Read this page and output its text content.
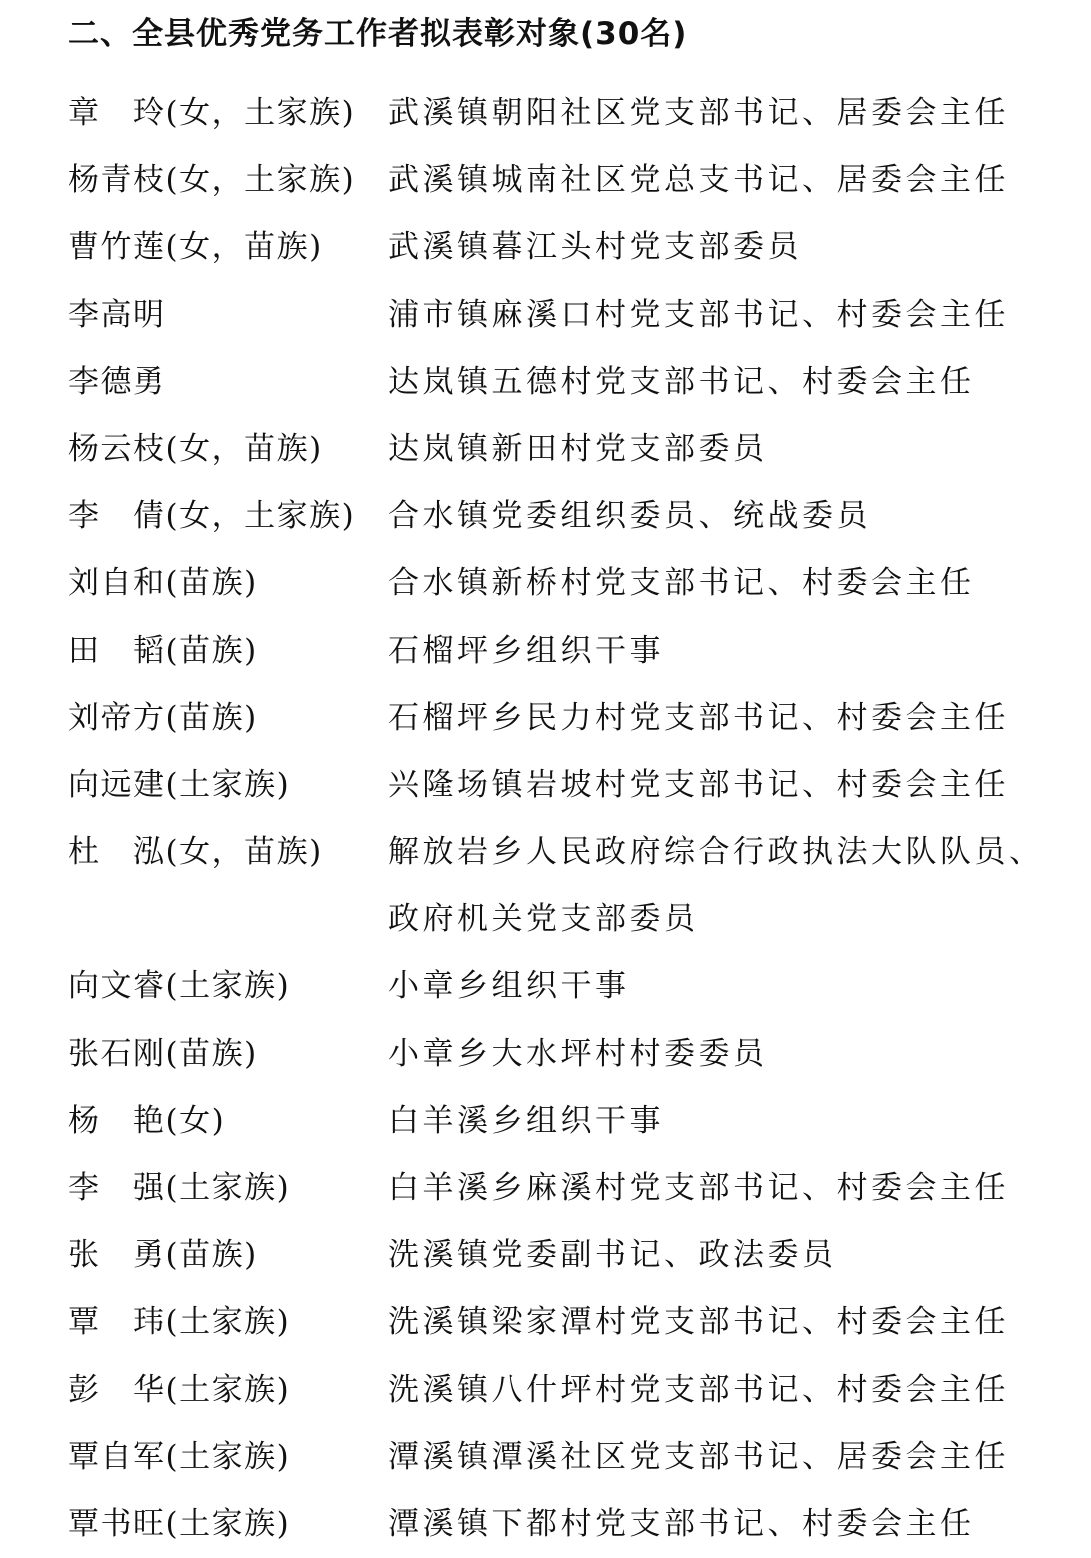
二、全县优秀党务工作者拟表彰对象(30名)
章　玲(女，土家族)	武溪镇朝阳社区党支部书记、居委会主任
杨青枝(女，土家族)	武溪镇城南社区党总支书记、居委会主任
曹竹莲(女，苗族)	武溪镇暮江头村党支部委员
李高明	浦市镇麻溪口村党支部书记、村委会主任
李德勇	达岚镇五德村党支部书记、村委会主任
杨云枝(女，苗族)	达岚镇新田村党支部委员
李　倩(女，土家族)	合水镇党委组织委员、统战委员
刘自和(苗族)	合水镇新桥村党支部书记、村委会主任
田　韬(苗族)	石榴坪乡组织干事
刘帝方(苗族)	石榴坪乡民力村党支部书记、村委会主任
向远建(土家族)	兴隆场镇岩坡村党支部书记、村委会主任
杜　泓(女，苗族)	解放岩乡人民政府综合行政执法大队队员、政府机关党支部委员
向文睿(土家族)	小章乡组织干事
张石刚(苗族)	小章乡大水坪村村委委员
杨　艳(女)	白羊溪乡组织干事
李　强(土家族)	白羊溪乡麻溪村党支部书记、村委会主任
张　勇(苗族)	洗溪镇党委副书记、政法委员
覃　玮(土家族)	洗溪镇梁家潭村党支部书记、村委会主任
彭　华(土家族)	洗溪镇八什坪村党支部书记、村委会主任
覃自军(土家族)	潭溪镇潭溪社区党支部书记、居委会主任
覃书旺(土家族)	潭溪镇下都村党支部书记、村委会主任
